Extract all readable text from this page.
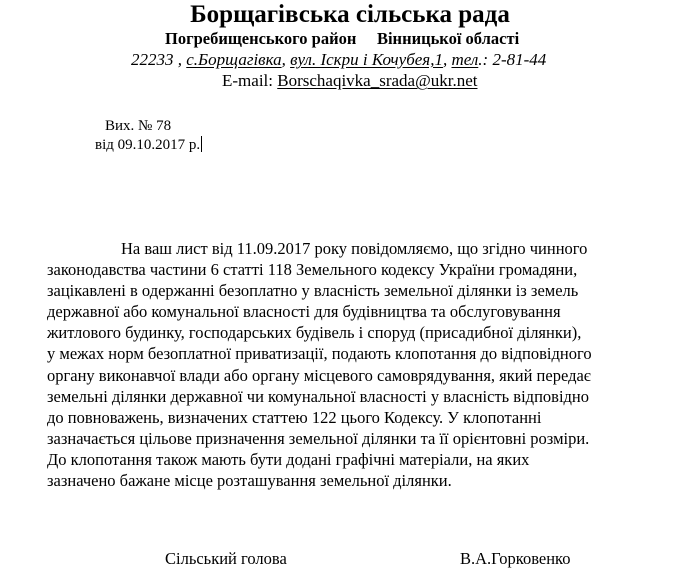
Борщагівська сільська рада
Погребищенського район Вінницької області
22233 , с.Борщагівка, вул. Іскри і Кочубея,1, тел.: 2-81-44
E-mail: Borschaqivka_srada@ukr.net
Вих. № 78
від 09.10.2017 р.
На ваш лист від 11.09.2017 року повідомляємо, що згідно чинного
законодавства частини 6 статті 118 Земельного кодексу України громадяни,
зацікавлені в одержанні безоплатно у власність земельної ділянки із земель
державної або комунальної власності для будівництва та обслуговування
житлового будинку, господарських будівель і споруд (присадибної ділянки),
у межах норм безоплатної приватизації, подають клопотання до відповідного
органу виконавчої влади або органу місцевого самоврядування, який передає
земельні ділянки державної чи комунальної власності у власність відповідно
до повноважень, визначених статтею 122 цього Кодексу. У клопотанні
зазначається цільове призначення земельної ділянки та її орієнтовні розміри.
До клопотання також мають бути додані графічні матеріали, на яких
зазначено бажане місце розташування земельної ділянки.
Сільський голова	В.А.Горковенко
